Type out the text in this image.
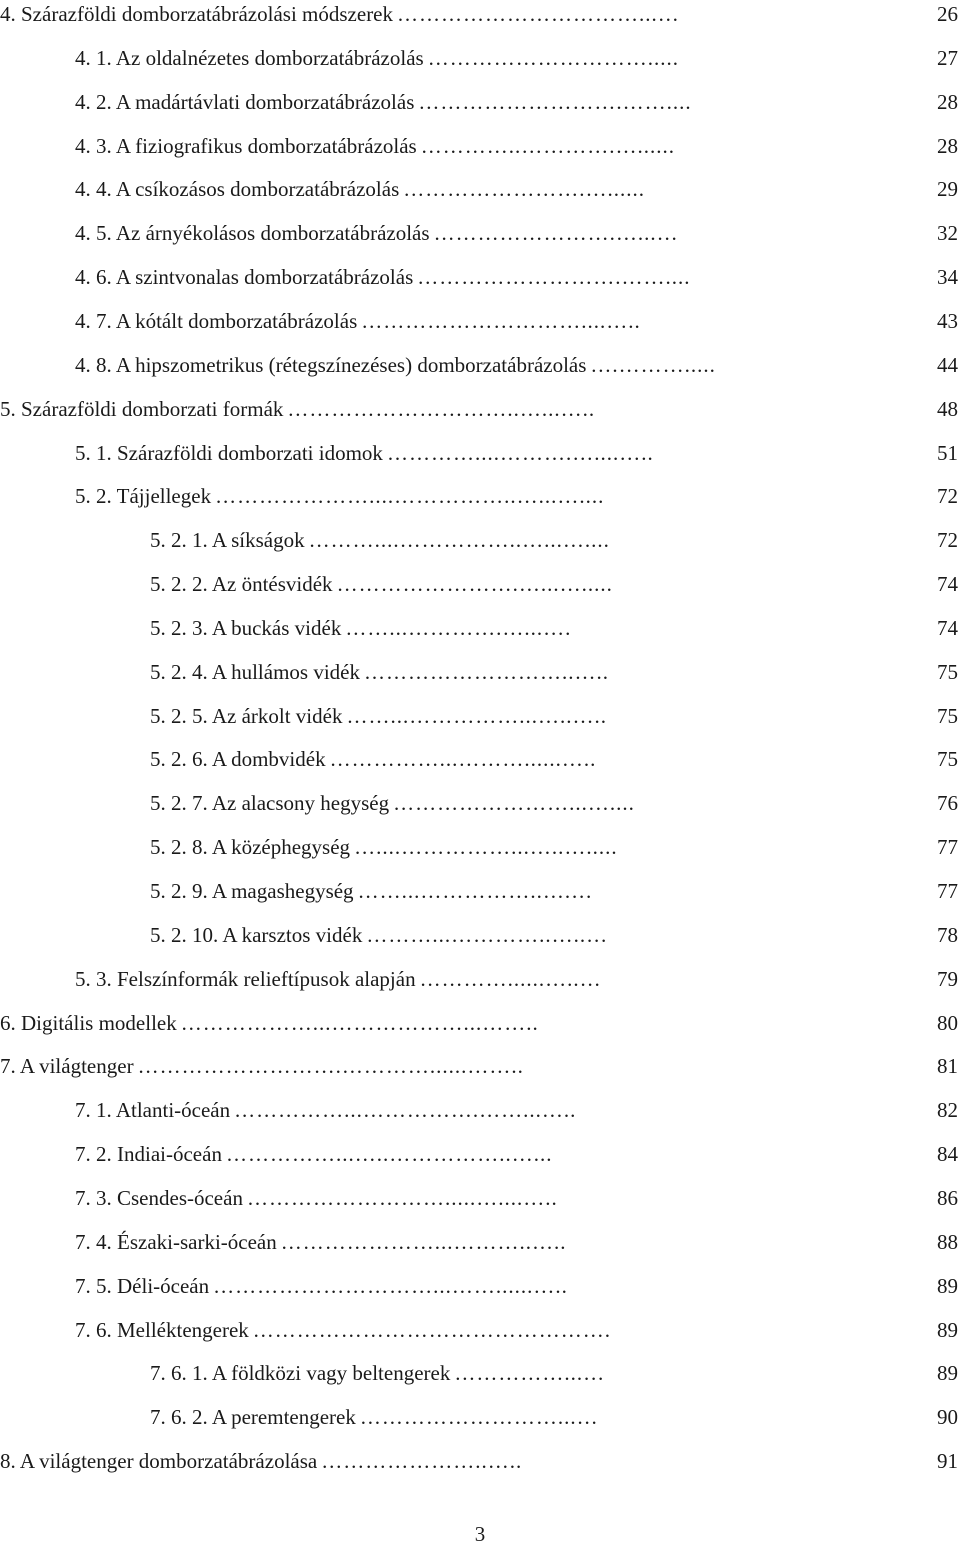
4. Szárazföldi domborzatábrázolási módszerek ……………………………...…	26
4. 1. Az oldalnézetes domborzatábrázolás ………………………….....	27
4. 2. A madártávlati domborzatábrázolás ……………………….……....	28
4. 3. A fiziografikus domborzatábrázolás …………..………….…......	28
4. 4. A csíkozásos domborzatábrázolás …………………….…......	29
4. 5. Az árnyékolásos domborzatábrázolás …………………….…...…	32
4. 6. A szintvonalas domborzatábrázolás ……………………….……....	34
4. 7. A kótált domborzatábrázolás …………………………....…..	43
4. 8. A hipszometrikus (rétegszínezéses) domborzatábrázolás ….……….....	44
5. Szárazföldi domborzati formák …………………………..…...…..	48
5. 1. Szárazföldi domborzati idomok …………....……….…....…..	51
5. 2. Tájjellegek …………………....……………..…...…....	72
5. 2. 1. A síkságok ………....……………..…...…....	72
5. 2. 2. Az öntésvidék …………………….…...….....	74
5. 2. 3. A buckás vidék ……...………….…...….	74
5. 2. 4. A hullámos vidék ………………………..…..	75
5. 2. 5. Az árkolt vidék ……...……………...…..…..	75
5. 2. 6. A dombvidék ……………...………......…..	75
5. 2. 7. Az alacsony hegység ……………………...…....	76
5. 2. 8. A középhegység …....……………...…..….....	77
5. 2. 9. A magashegység ……...……………..….…	77
5. 2. 10. A karsztos vidék ………...…………..…..…	78
5. 3. Felszínformák relieftípusok alapján …………......…..…	79
6. Digitális modellek ………………...………………...……..	80
7. A világtenger ……………………….…………......……..	81
7. 1. Atlanti-óceán ……………...…………….……...…..	82
7. 2. Indiai-óceán ……………...…..……………..…...	84
7. 3. Csendes-óceán ……………………….....…....…..	86
7. 4. Északi-sarki-óceán …………………...………..…..	88
7. 5. Déli-óceán …………………………...……......…..	89
7. 6. Melléktengerek ………………………………………….	89
7. 6. 1. A földközi vagy beltengerek ……………...…	89
7. 6. 2. A peremtengerek ………………………...…	90
8. A világtenger domborzatábrázolása …………………..…..	91
3
